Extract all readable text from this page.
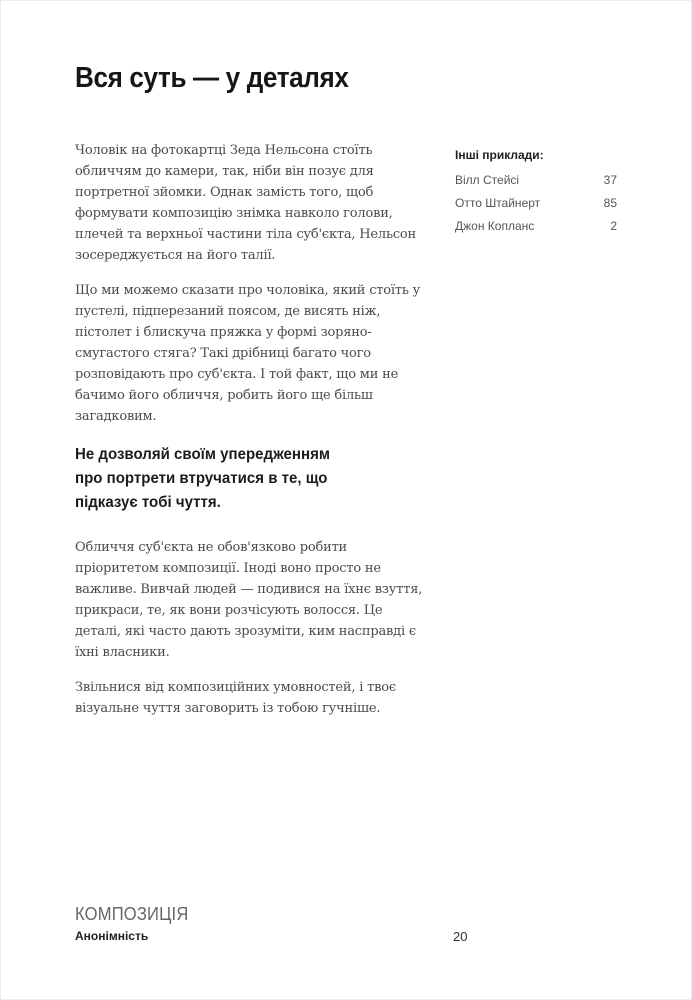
Вся суть — у деталях

Чоловік на фотокартці Зеда Нельсона стоїть обличчям до камери, так, ніби він позує для портретної зйомки. Однак замість того, щоб формувати композицію знімка навколо голови, плечей та верхньої частини тіла суб'єкта, Нельсон зосереджується на його талії.

Що ми можемо сказати про чоловіка, який стоїть у пустелі, підперезаний поясом, де висять ніж, пістолет і блискуча пряжка у формі зоряно-смугастого стяга? Такі дрібниці багато чого розповідають про суб'єкта. І той факт, що ми не бачимо його обличчя, робить його ще більш загадковим.

Не дозволяй своїм упередженням про портрети втручатися в те, що підказує тобі чуття.

Обличчя суб'єкта не обов'язково робити пріоритетом композиції. Іноді воно просто не важливе. Вивчай людей — подивися на їхнє взуття, прикраси, те, як вони розчісують волосся. Це деталі, які часто дають зрозуміти, ким насправді є їхні власники.

Звільнися від композиційних умовностей, і твоє візуальне чуття заговорить із тобою гучніше.

Інші приклади:
Вілл Стейсі	37
Отто Штайнерт	85
Джон Копланс	2
КОМПОЗИЦІЯ
Анонімність	20
